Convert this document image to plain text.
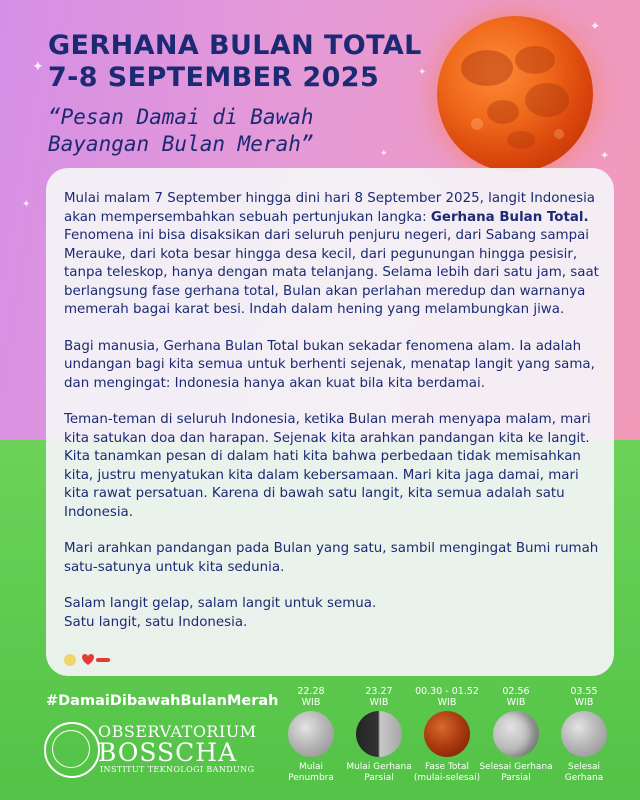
✦
✦
✦
✦
✦
✦
GERHANA BULAN TOTAL
7-8 SEPTEMBER 2025
“Pesan Damai di Bawah
Bayangan Bulan Merah”

Mulai malam 7 September hingga dini hari 8 September 2025, langit Indonesia akan mempersembahkan sebuah pertunjukan langka: Gerhana Bulan Total. Fenomena ini bisa disaksikan dari seluruh penjuru negeri, dari Sabang sampai Merauke, dari kota besar hingga desa kecil, dari pegunungan hingga pesisir, tanpa teleskop, hanya dengan mata telanjang. Selama lebih dari satu jam, saat berlangsung fase gerhana total, Bulan akan perlahan meredup dan warnanya memerah bagai karat besi. Indah dalam hening yang melambungkan jiwa.

Bagi manusia, Gerhana Bulan Total bukan sekadar fenomena alam. Ia adalah undangan bagi kita semua untuk berhenti sejenak, menatap langit yang sama, dan mengingat: Indonesia hanya akan kuat bila kita berdamai.

Teman-teman di seluruh Indonesia, ketika Bulan merah menyapa malam, mari kita satukan doa dan harapan. Sejenak kita arahkan pandangan kita ke langit. Kita tanamkan pesan di dalam hati kita bahwa perbedaan tidak memisahkan kita, justru menyatukan kita dalam kebersamaan. Mari kita jaga damai, mari kita rawat persatuan. Karena di bawah satu langit, kita semua adalah satu Indonesia.

Mari arahkan pandangan pada Bulan yang satu, sambil mengingat Bumi rumah satu-satunya untuk kita sedunia.

Salam langit gelap, salam langit untuk semua.

Satu langit, satu Indonesia.

#DamaiDibawahBulanMerah
OBSERVATORIUM
BOSSCHA
INSTITUT TEKNOLOGI BANDUNG
22.28
WIB
Mulai
Penumbra
23.27
WIB
Mulai Gerhana
Parsial
00.30 - 01.52
WIB
Fase Total
(mulai-selesai)
02.56
WIB
Selesai Gerhana
Parsial
03.55
WIB
Selesai
Gerhana
